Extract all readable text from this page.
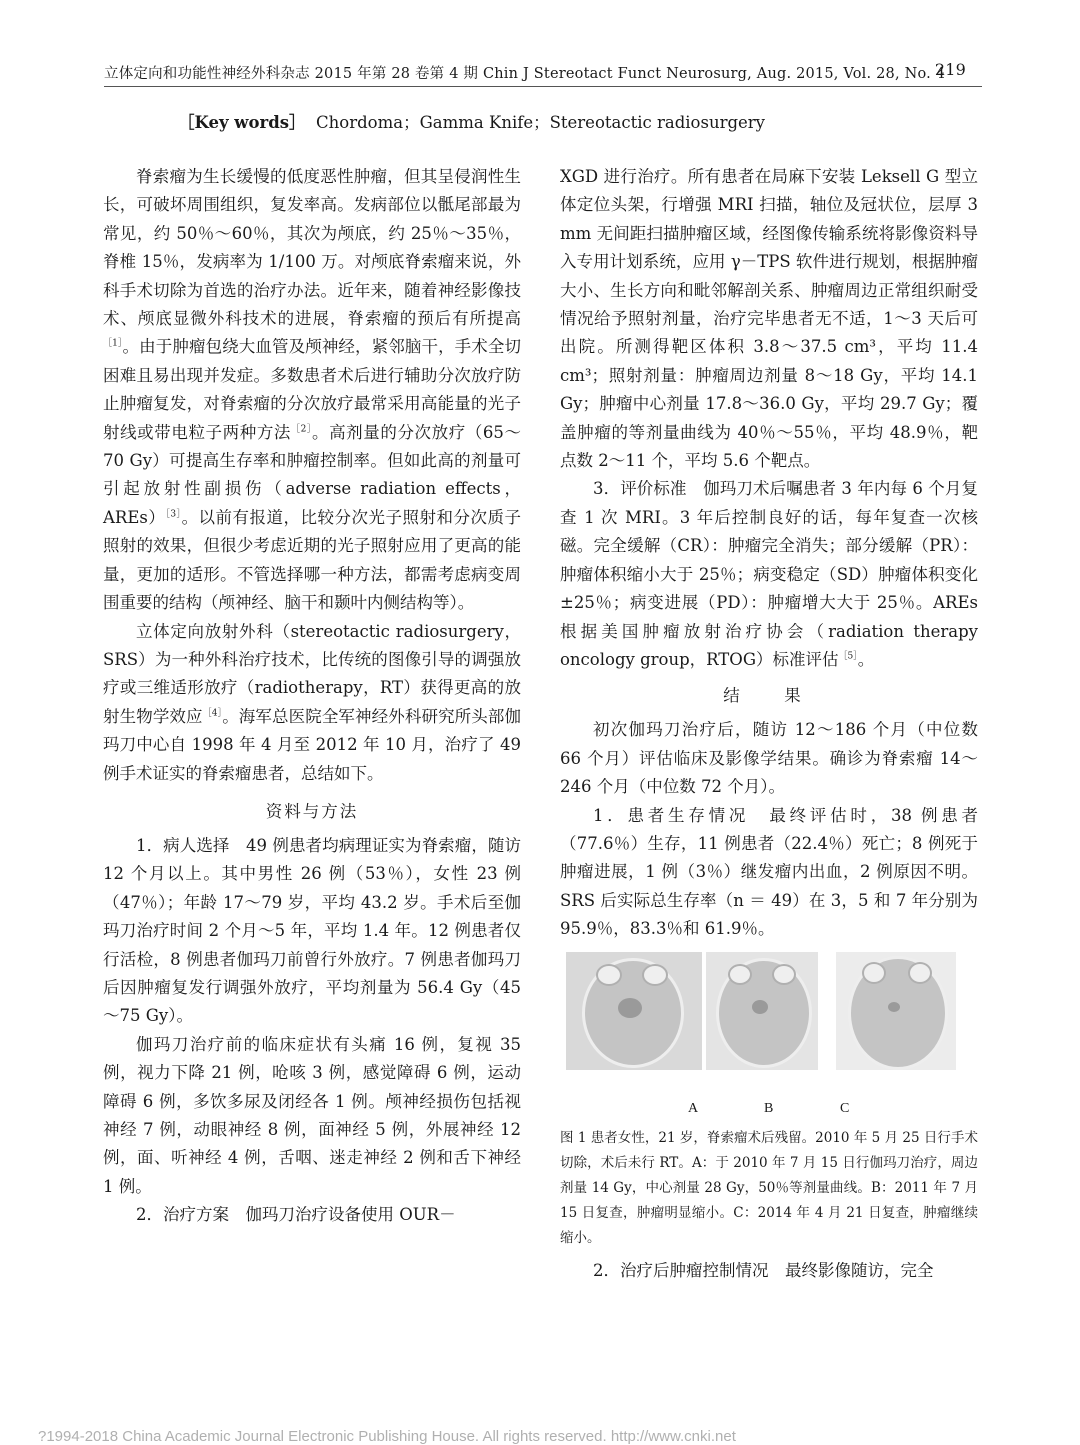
立体定向和功能性神经外科杂志 2015 年第 28 卷第 4 期 Chin J Stereotact Funct Neurosurg, Aug. 2015, Vol. 28, No. 4
219
［Key words］ Chordoma；Gamma Knife；Stereotactic radiosurgery

脊索瘤为生长缓慢的低度恶性肿瘤，但其呈侵润性生长，可破坏周围组织，复发率高。发病部位以骶尾部最为常见，约 50％～60％，其次为颅底，约 25％～35％，脊椎 15％，发病率为 1/100 万。对颅底脊索瘤来说，外科手术切除为首选的治疗办法。近年来，随着神经影像技术、颅底显微外科技术的进展，脊索瘤的预后有所提高$^{[1]}$。由于肿瘤包绕大血管及颅神经，紧邻脑干，手术全切困难且易出现并发症。多数患者术后进行辅助分次放疗防止肿瘤复发，对脊索瘤的分次放疗最常采用高能量的光子射线或带电粒子两种方法$^{[2]}$。高剂量的分次放疗（65～70 Gy）可提高生存率和肿瘤控制率。但如此高的剂量可引起放射性副损伤（adverse radiation effects，AREs）$^{[3]}$。以前有报道，比较分次光子照射和分次质子照射的效果，但很少考虑近期的光子照射应用了更高的能量，更加的适形。不管选择哪一种方法，都需考虑病变周围重要的结构（颅神经、脑干和颞叶内侧结构等）。

立体定向放射外科（stereotactic radiosurgery，SRS）为一种外科治疗技术，比传统的图像引导的调强放疗或三维适形放疗（radiotherapy，RT）获得更高的放射生物学效应$^{[4]}$。海军总医院全军神经外科研究所头部伽玛刀中心自 1998 年 4 月至 2012 年 10 月，治疗了 49 例手术证实的脊索瘤患者，总结如下。

资料与方法

1．病人选择　49 例患者均病理证实为脊索瘤，随访 12 个月以上。其中男性 26 例（53％），女性 23 例（47％）；年龄 17～79 岁，平均 43.2 岁。手术后至伽玛刀治疗时间 2 个月～5 年，平均 1.4 年。12 例患者仅行活检，8 例患者伽玛刀前曾行外放疗。7 例患者伽玛刀后因肿瘤复发行调强外放疗，平均剂量为 56.4 Gy（45～75 Gy）。

伽玛刀治疗前的临床症状有头痛 16 例，复视 35 例，视力下降 21 例，呛咳 3 例，感觉障碍 6 例，运动障碍 6 例，多饮多尿及闭经各 1 例。颅神经损伤包括视神经 7 例，动眼神经 8 例，面神经 5 例，外展神经 12 例，面、听神经 4 例，舌咽、迷走神经 2 例和舌下神经 1 例。

2．治疗方案　伽玛刀治疗设备使用 OUR－

XGD 进行治疗。所有患者在局麻下安装 Leksell G 型立体定位头架，行增强 MRI 扫描，轴位及冠状位，层厚 3 mm 无间距扫描肿瘤区域，经图像传输系统将影像资料导入专用计划系统，应用 γ－TPS 软件进行规划，根据肿瘤大小、生长方向和毗邻解剖关系、肿瘤周边正常组织耐受情况给予照射剂量，治疗完毕患者无不适，1～3 天后可出院。所测得靶区体积 3.8～37.5 cm³，平均 11.4 cm³；照射剂量：肿瘤周边剂量 8～18 Gy，平均 14.1 Gy；肿瘤中心剂量 17.8～36.0 Gy，平均 29.7 Gy；覆盖肿瘤的等剂量曲线为 40％～55％，平均 48.9％，靶点数 2～11 个，平均 5.6 个靶点。

3．评价标准　伽玛刀术后嘱患者 3 年内每 6 个月复查 1 次 MRI。3 年后控制良好的话，每年复查一次核磁。完全缓解（CR）：肿瘤完全消失；部分缓解（PR）：肿瘤体积缩小大于 25％；病变稳定（SD）肿瘤体积变化±25％；病变进展（PD）：肿瘤增大大于 25％。AREs 根据美国肿瘤放射治疗协会（radiation therapy oncology group，RTOG）标准评估$^{[5]}$。

结　果

初次伽玛刀治疗后，随访 12～186 个月（中位数 66 个月）评估临床及影像学结果。确诊为脊索瘤 14～246 个月（中位数 72 个月）。

1．患者生存情况　最终评估时，38 例患者（77.6％）生存，11 例患者（22.4％）死亡；8 例死于肿瘤进展，1 例（3％）继发瘤内出血，2 例原因不明。SRS 后实际总生存率（n ＝ 49）在 3，5 和 7 年分别为 95.9％，83.3％和 61.9％。

A	B	C
图 1 患者女性，21 岁，脊索瘤术后残留。2010 年 5 月 25 日行手术切除，术后未行 RT。A：于 2010 年 7 月 15 日行伽玛刀治疗，周边剂量 14 Gy，中心剂量 28 Gy，50％等剂量曲线。B：2011 年 7 月 15 日复查，肿瘤明显缩小。C：2014 年 4 月 21 日复查，肿瘤继续缩小。

2．治疗后肿瘤控制情况　最终影像随访，完全

?1994-2018 China Academic Journal Electronic Publishing House. All rights reserved. http://www.cnki.net
